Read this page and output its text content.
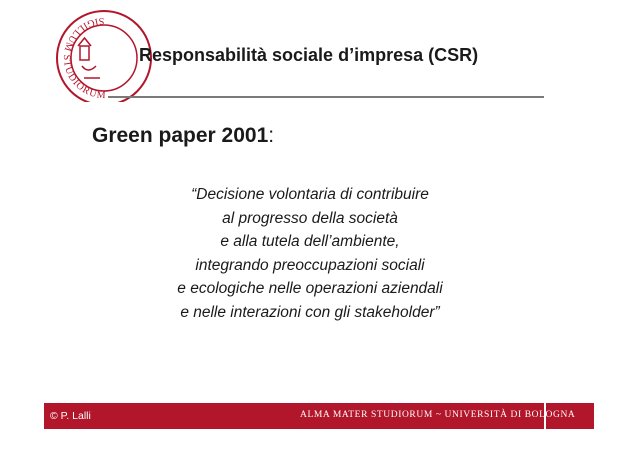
SIGILLUM STUDIORUM
Responsabilità sociale d’impresa (CSR)
Green paper 2001:
“Decisione volontaria di contribuire
al progresso della società
e alla tutela dell’ambiente,
integrando preoccupazioni sociali
e ecologiche nelle operazioni aziendali
e nelle interazioni con gli stakeholder”
© P. Lalli	ALMA MATER STUDIORUM ~ UNIVERSITÀ DI BOLOGNA
